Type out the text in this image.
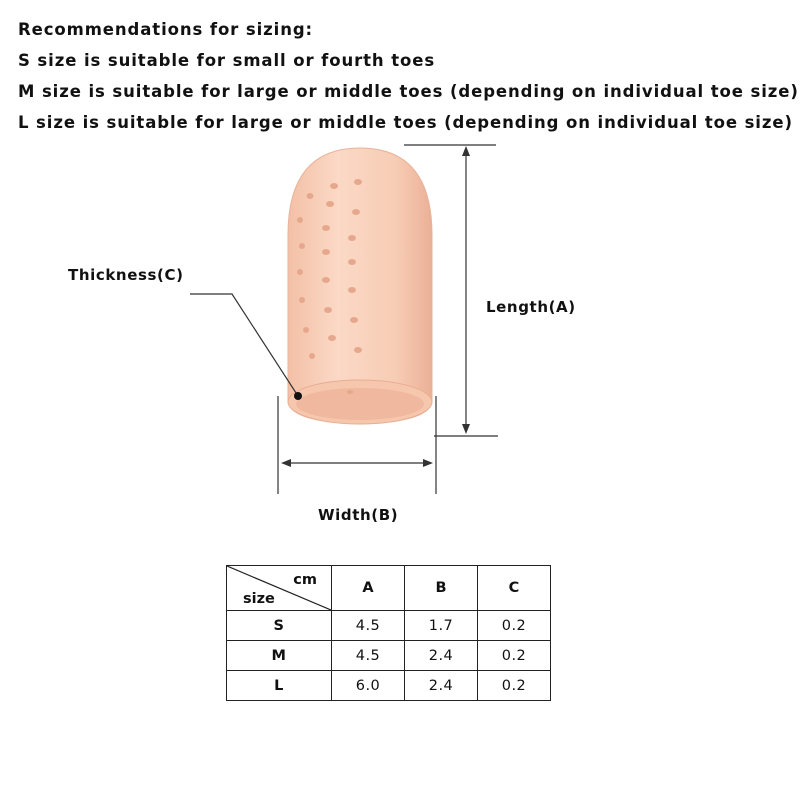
Recommendations for sizing:
S size is suitable for small or fourth toes
M size is suitable for large or middle toes (depending on individual toe size)
L size is suitable for large or middle toes (depending on individual toe size)
Thickness(C)
Length(A)
Width(B)
cm
size	A	B	C
S	4.5	1.7	0.2
M	4.5	2.4	0.2
L	6.0	2.4	0.2
